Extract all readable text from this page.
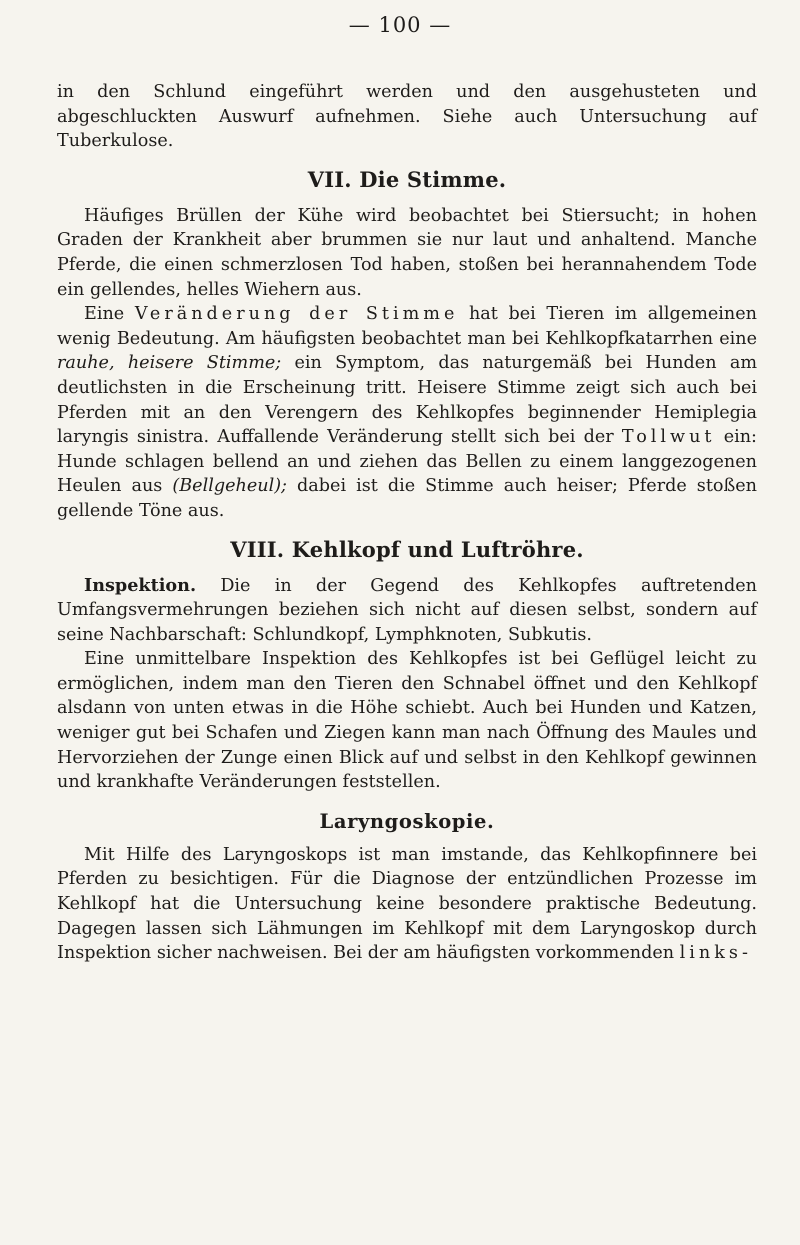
— 100 —

in den Schlund eingeführt werden und den ausgehusteten und abgeschluckten Auswurf aufnehmen. Siehe auch Untersuchung auf Tuberkulose.

VII. Die Stimme.

Häufiges Brüllen der Kühe wird beobachtet bei Stiersucht; in hohen Graden der Krankheit aber brummen sie nur laut und anhaltend. Manche Pferde, die einen schmerzlosen Tod haben, stoßen bei herannahendem Tode ein gellendes, helles Wiehern aus.

Eine Veränderung der Stimme hat bei Tieren im allgemeinen wenig Bedeutung. Am häufigsten beobachtet man bei Kehlkopfkatarrhen eine rauhe, heisere Stimme; ein Symptom, das naturgemäß bei Hunden am deutlichsten in die Erscheinung tritt. Heisere Stimme zeigt sich auch bei Pferden mit an den Verengern des Kehlkopfes beginnender Hemiplegia laryngis sinistra. Auffallende Veränderung stellt sich bei der Tollwut ein: Hunde schlagen bellend an und ziehen das Bellen zu einem langgezogenen Heulen aus (Bellgeheul); dabei ist die Stimme auch heiser; Pferde stoßen gellende Töne aus.

VIII. Kehlkopf und Luftröhre.

Inspektion. Die in der Gegend des Kehlkopfes auftretenden Umfangsvermehrungen beziehen sich nicht auf diesen selbst, sondern auf seine Nachbarschaft: Schlundkopf, Lymphknoten, Subkutis.

Eine unmittelbare Inspektion des Kehlkopfes ist bei Geflügel leicht zu ermöglichen, indem man den Tieren den Schnabel öffnet und den Kehlkopf alsdann von unten etwas in die Höhe schiebt. Auch bei Hunden und Katzen, weniger gut bei Schafen und Ziegen kann man nach Öffnung des Maules und Hervorziehen der Zunge einen Blick auf und selbst in den Kehlkopf gewinnen und krankhafte Veränderungen feststellen.

Laryngoskopie.

Mit Hilfe des Laryngoskops ist man imstande, das Kehlkopfinnere bei Pferden zu besichtigen. Für die Diagnose der entzündlichen Prozesse im Kehlkopf hat die Untersuchung keine besondere praktische Bedeutung. Dagegen lassen sich Lähmungen im Kehlkopf mit dem Laryngoskop durch Inspektion sicher nachweisen. Bei der am häufigsten vorkommenden links-
